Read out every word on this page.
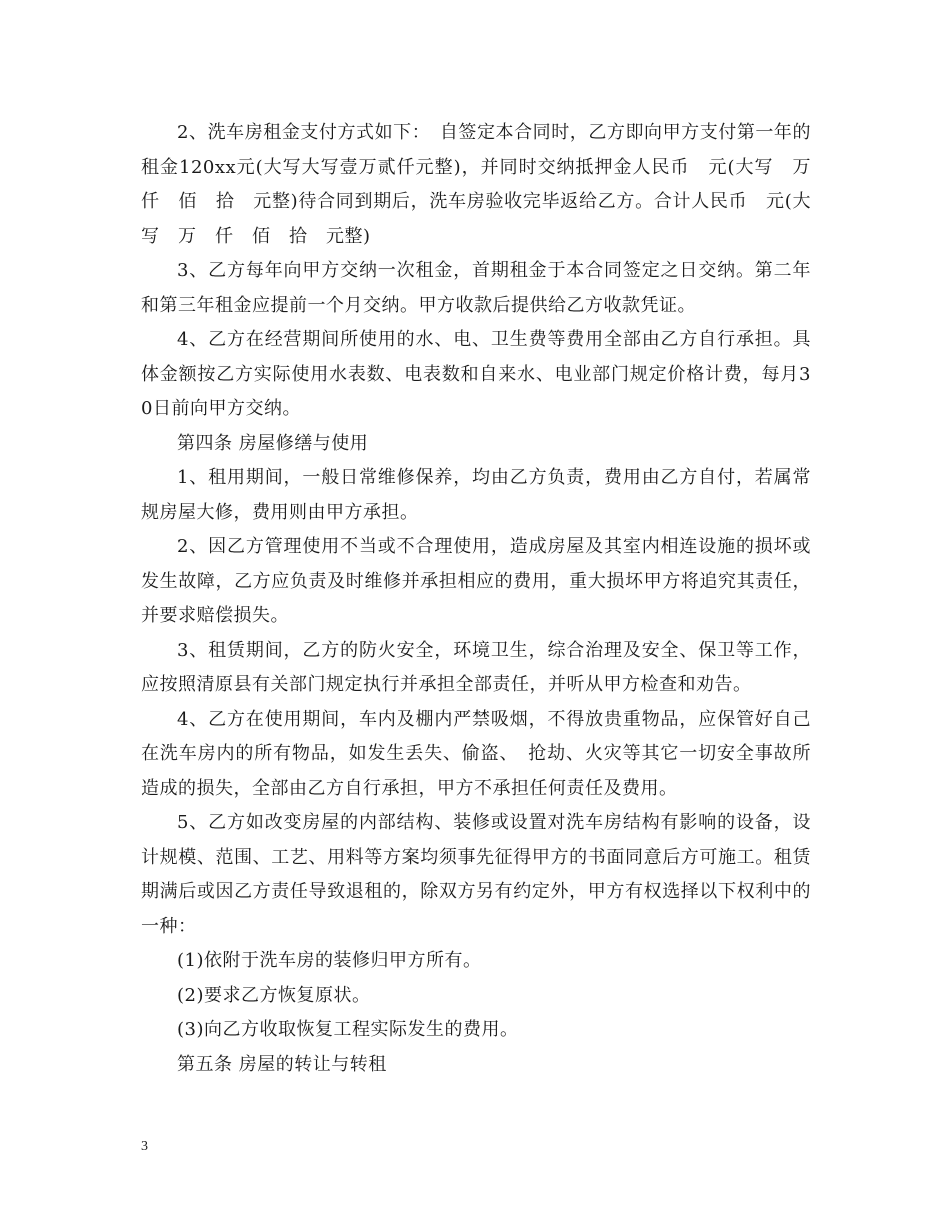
2、洗车房租金支付方式如下：　自签定本合同时，乙方即向甲方支付第一年的租金120xx元(大写大写壹万贰仟元整)，并同时交纳抵押金人民币　元(大写　万　仟　佰　拾　元整)待合同到期后，洗车房验收完毕返给乙方。合计人民币　元(大写　万　仟　佰　拾　元整)

3、乙方每年向甲方交纳一次租金，首期租金于本合同签定之日交纳。第二年和第三年租金应提前一个月交纳。甲方收款后提供给乙方收款凭证。

4、乙方在经营期间所使用的水、电、卫生费等费用全部由乙方自行承担。具体金额按乙方实际使用水表数、电表数和自来水、电业部门规定价格计费，每月30日前向甲方交纳。

第四条 房屋修缮与使用

1、租用期间，一般日常维修保养，均由乙方负责，费用由乙方自付，若属常规房屋大修，费用则由甲方承担。

2、因乙方管理使用不当或不合理使用，造成房屋及其室内相连设施的损坏或发生故障，乙方应负责及时维修并承担相应的费用，重大损坏甲方将追究其责任，并要求赔偿损失。

3、租赁期间，乙方的防火安全，环境卫生，综合治理及安全、保卫等工作，应按照清原县有关部门规定执行并承担全部责任，并听从甲方检查和劝告。

4、乙方在使用期间，车内及棚内严禁吸烟，不得放贵重物品，应保管好自己在洗车房内的所有物品，如发生丢失、偷盗、　抢劫、火灾等其它一切安全事故所造成的损失，全部由乙方自行承担，甲方不承担任何责任及费用。

5、乙方如改变房屋的内部结构、装修或设置对洗车房结构有影响的设备，设计规模、范围、工艺、用料等方案均须事先征得甲方的书面同意后方可施工。租赁期满后或因乙方责任导致退租的，除双方另有约定外，甲方有权选择以下权利中的一种：

(1)依附于洗车房的装修归甲方所有。

(2)要求乙方恢复原状。

(3)向乙方收取恢复工程实际发生的费用。

第五条 房屋的转让与转租

3
